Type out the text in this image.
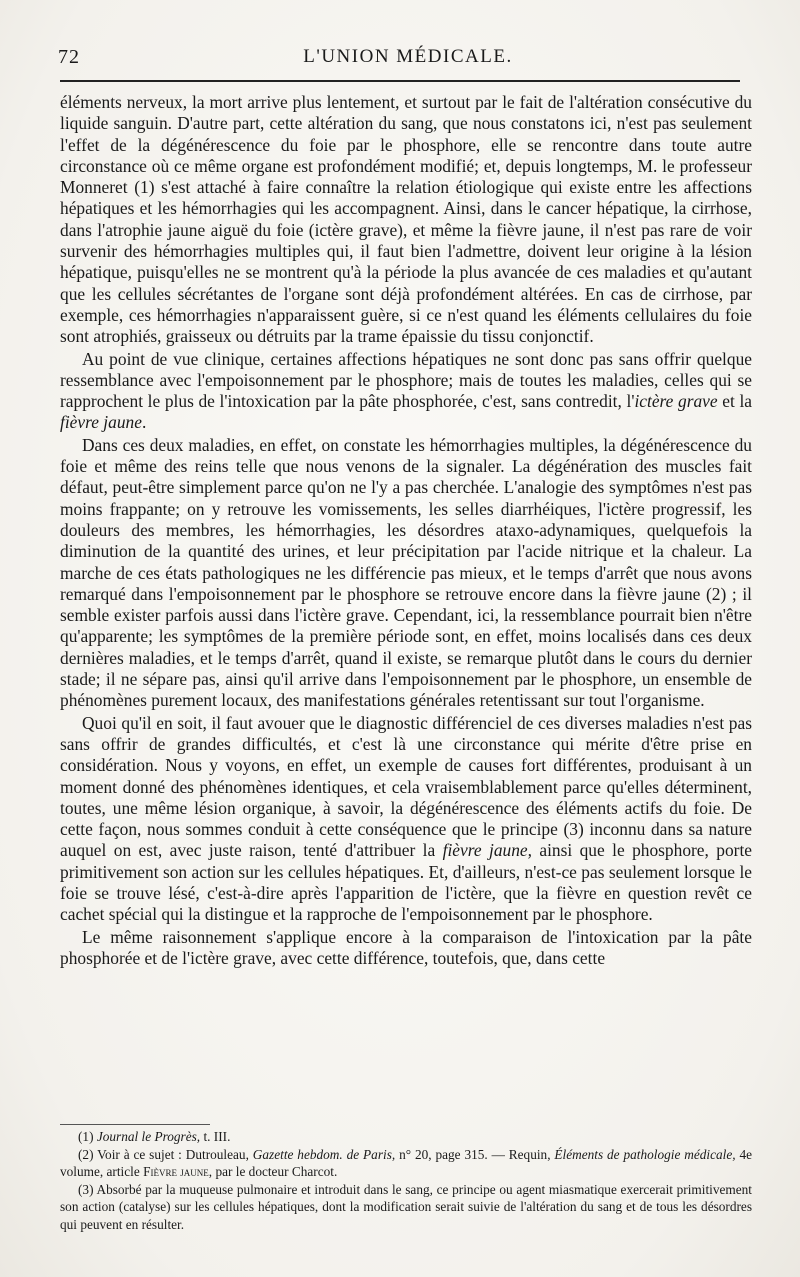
72	L'UNION MÉDICALE.

éléments nerveux, la mort arrive plus lentement, et surtout par le fait de l'altération consécutive du liquide sanguin. D'autre part, cette altération du sang, que nous constatons ici, n'est pas seulement l'effet de la dégénérescence du foie par le phosphore, elle se rencontre dans toute autre circonstance où ce même organe est profondément modifié; et, depuis longtemps, M. le professeur Monneret (1) s'est attaché à faire connaître la relation étiologique qui existe entre les affections hépatiques et les hémorrhagies qui les accompagnent. Ainsi, dans le cancer hépatique, la cirrhose, dans l'atrophie jaune aiguë du foie (ictère grave), et même la fièvre jaune, il n'est pas rare de voir survenir des hémorrhagies multiples qui, il faut bien l'admettre, doivent leur origine à la lésion hépatique, puisqu'elles ne se montrent qu'à la période la plus avancée de ces maladies et qu'autant que les cellules sécrétantes de l'organe sont déjà profondément altérées. En cas de cirrhose, par exemple, ces hémorrhagies n'apparaissent guère, si ce n'est quand les éléments cellulaires du foie sont atrophiés, graisseux ou détruits par la trame épaissie du tissu conjonctif.

Au point de vue clinique, certaines affections hépatiques ne sont donc pas sans offrir quelque ressemblance avec l'empoisonnement par le phosphore; mais de toutes les maladies, celles qui se rapprochent le plus de l'intoxication par la pâte phosphorée, c'est, sans contredit, l'ictère grave et la fièvre jaune.

Dans ces deux maladies, en effet, on constate les hémorrhagies multiples, la dégénérescence du foie et même des reins telle que nous venons de la signaler. La dégénération des muscles fait défaut, peut-être simplement parce qu'on ne l'y a pas cherchée. L'analogie des symptômes n'est pas moins frappante; on y retrouve les vomissements, les selles diarrhéiques, l'ictère progressif, les douleurs des membres, les hémorrhagies, les désordres ataxo-adynamiques, quelquefois la diminution de la quantité des urines, et leur précipitation par l'acide nitrique et la chaleur. La marche de ces états pathologiques ne les différencie pas mieux, et le temps d'arrêt que nous avons remarqué dans l'empoisonnement par le phosphore se retrouve encore dans la fièvre jaune (2) ; il semble exister parfois aussi dans l'ictère grave. Cependant, ici, la ressemblance pourrait bien n'être qu'apparente; les symptômes de la première période sont, en effet, moins localisés dans ces deux dernières maladies, et le temps d'arrêt, quand il existe, se remarque plutôt dans le cours du dernier stade; il ne sépare pas, ainsi qu'il arrive dans l'empoisonnement par le phosphore, un ensemble de phénomènes purement locaux, des manifestations générales retentissant sur tout l'organisme.

Quoi qu'il en soit, il faut avouer que le diagnostic différenciel de ces diverses maladies n'est pas sans offrir de grandes difficultés, et c'est là une circonstance qui mérite d'être prise en considération. Nous y voyons, en effet, un exemple de causes fort différentes, produisant à un moment donné des phénomènes identiques, et cela vraisemblablement parce qu'elles déterminent, toutes, une même lésion organique, à savoir, la dégénérescence des éléments actifs du foie. De cette façon, nous sommes conduit à cette conséquence que le principe (3) inconnu dans sa nature auquel on est, avec juste raison, tenté d'attribuer la fièvre jaune, ainsi que le phosphore, porte primitivement son action sur les cellules hépatiques. Et, d'ailleurs, n'est-ce pas seulement lorsque le foie se trouve lésé, c'est-à-dire après l'apparition de l'ictère, que la fièvre en question revêt ce cachet spécial qui la distingue et la rapproche de l'empoisonnement par le phosphore.

Le même raisonnement s'applique encore à la comparaison de l'intoxication par la pâte phosphorée et de l'ictère grave, avec cette différence, toutefois, que, dans cette

(1) Journal le Progrès, t. III.

(2) Voir à ce sujet : Dutrouleau, Gazette hebdom. de Paris, n° 20, page 315. — Requin, Éléments de pathologie médicale, 4e volume, article Fièvre jaune, par le docteur Charcot.

(3) Absorbé par la muqueuse pulmonaire et introduit dans le sang, ce principe ou agent miasmatique exercerait primitivement son action (catalyse) sur les cellules hépatiques, dont la modification serait suivie de l'altération du sang et de tous les désordres qui peuvent en résulter.
